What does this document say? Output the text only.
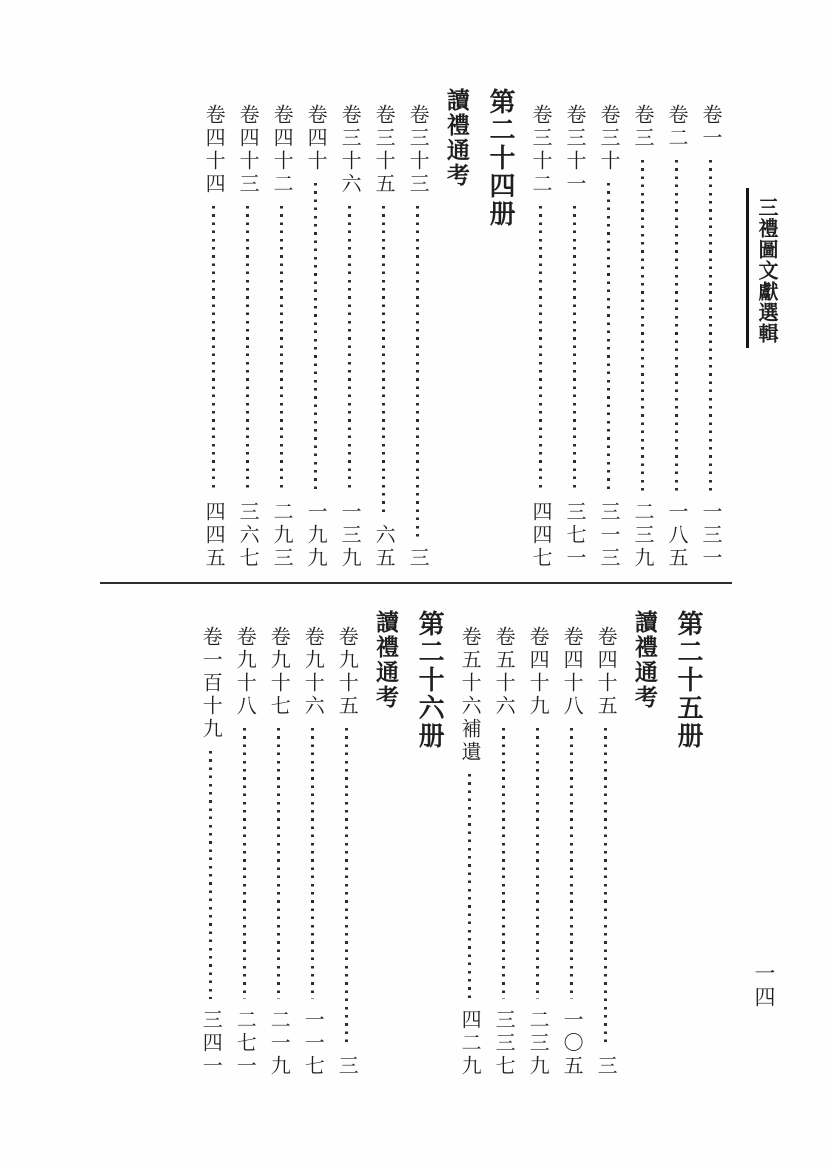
卷一
一三一
卷二
一八五
卷三
二三九
卷三十
三一三
卷三十一
三七一
卷三十二
四四七
第二十四册
讀禮通考
卷三十三
三
卷三十五
六五
卷三十六
一三九
卷四十
一九九
卷四十二
二九三
卷四十三
三六七
卷四十四
四四五
第二十五册
讀禮通考
卷四十五
三
卷四十八
一〇五
卷四十九
二三九
卷五十六
三三七
卷五十六補遺
四二九
第二十六册
讀禮通考
卷九十五
三
卷九十六
一一七
卷九十七
二一九
卷九十八
二七一
卷一百十九
三四一
三禮圖文獻選輯
一四
